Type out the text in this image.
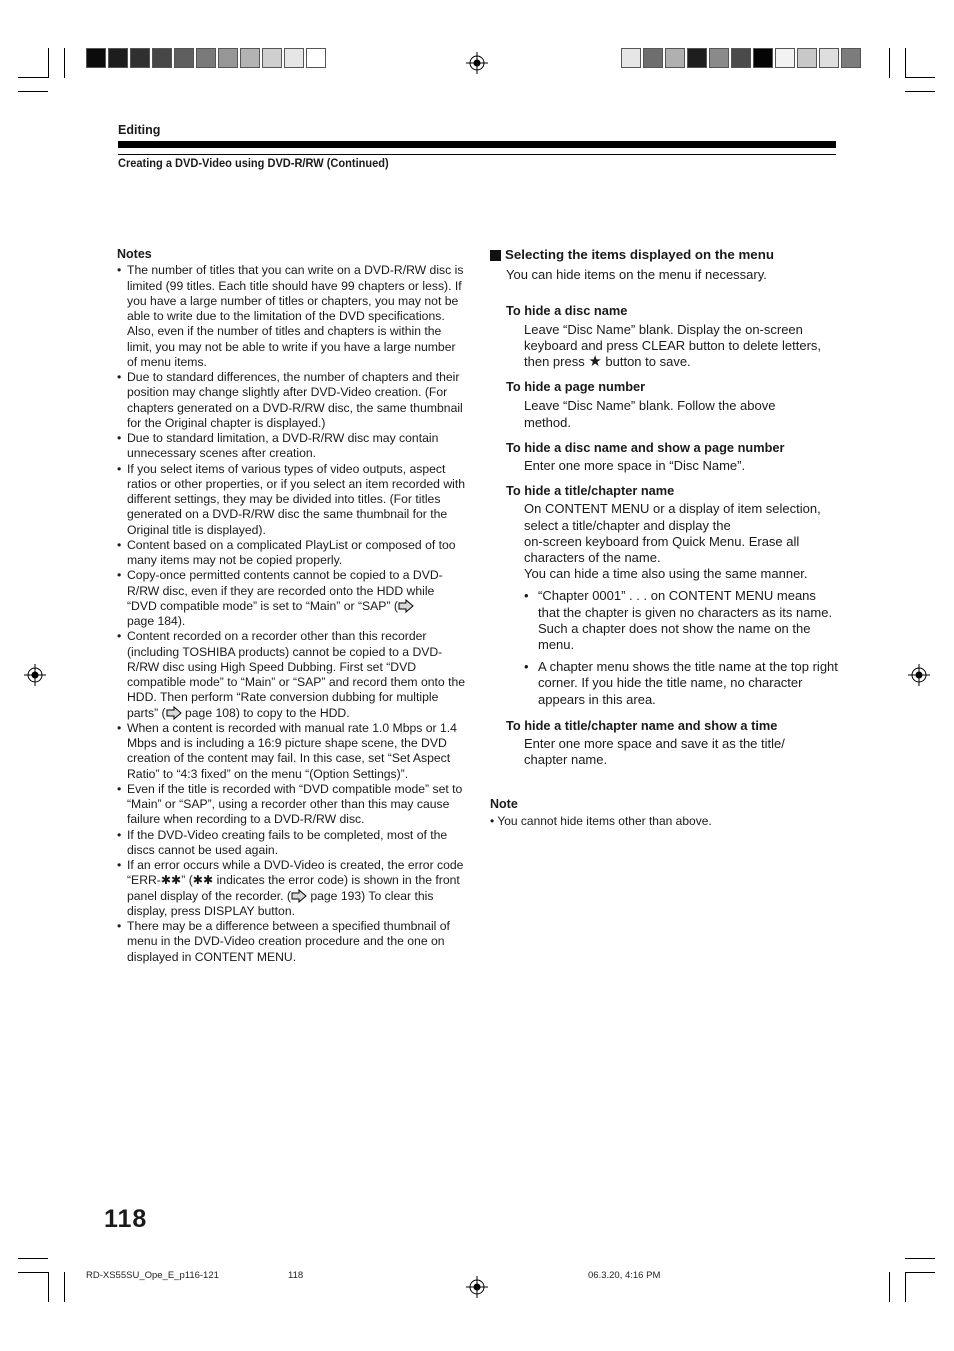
Editing
Creating a DVD-Video using DVD-R/RW (Continued)
Notes
• The number of titles that you can write on a DVD-R/RW disc is limited (99 titles. Each title should have 99 chapters or less). If you have a large number of titles or chapters, you may not be able to write due to the limitation of the DVD specifications. Also, even if the number of titles and chapters is within the limit, you may not be able to write if you have a large number of menu items.
• Due to standard differences, the number of chapters and their position may change slightly after DVD-Video creation. (For chapters generated on a DVD-R/RW disc, the same thumbnail for the Original chapter is displayed.)
• Due to standard limitation, a DVD-R/RW disc may contain unnecessary scenes after creation.
• If you select items of various types of video outputs, aspect ratios or other properties, or if you select an item recorded with different settings, they may be divided into titles. (For titles generated on a DVD-R/RW disc the same thumbnail for the Original title is displayed).
• Content based on a complicated PlayList or composed of too many items may not be copied properly.
• Copy-once permitted contents cannot be copied to a DVD-R/RW disc, even if they are recorded onto the HDD while “DVD compatible mode” is set to “Main” or “SAP” (
page 184).
• Content recorded on a recorder other than this recorder (including TOSHIBA products) cannot be copied to a DVD-R/RW disc using High Speed Dubbing. First set “DVD compatible mode” to “Main” or “SAP” and record them onto the HDD. Then perform “Rate conversion dubbing for multiple parts” ( page 108) to copy to the HDD.
• When a content is recorded with manual rate 1.0 Mbps or 1.4 Mbps and is including a 16:9 picture shape scene, the DVD creation of the content may fail. In this case, set “Set Aspect Ratio” to “4:3 fixed” on the menu “(Option Settings)”.
• Even if the title is recorded with “DVD compatible mode” set to “Main” or “SAP”, using a recorder other than this may cause failure when recording to a DVD-R/RW disc.
• If the DVD-Video creating fails to be completed, most of the discs cannot be used again.
• If an error occurs while a DVD-Video is created, the error code “ERR-✱✱” (✱✱ indicates the error code) is shown in the front panel display of the recorder. ( page 193) To clear this display, press DISPLAY button.
• There may be a difference between a specified thumbnail of menu in the DVD-Video creation procedure and the one on displayed in CONTENT MENU.
Selecting the items displayed on the menu
You can hide items on the menu if necessary.
To hide a disc name
Leave “Disc Name” blank. Display the on-screen keyboard and press CLEAR button to delete letters, then press ★ button to save.
To hide a page number
Leave “Disc Name” blank. Follow the above method.
To hide a disc name and show a page number
Enter one more space in “Disc Name”.
To hide a title/chapter name
On CONTENT MENU or a display of item selection, select a title/chapter and display the
on-screen keyboard from Quick Menu. Erase all characters of the name.
You can hide a time also using the same manner.
• “Chapter 0001” . . . on CONTENT MENU means that the chapter is given no characters as its name. Such a chapter does not show the name on the menu.
• A chapter menu shows the title name at the top right corner. If you hide the title name, no character appears in this area.
To hide a title/chapter name and show a time
Enter one more space and save it as the title/ chapter name.
Note
• You cannot hide items other than above.
118
RD-XS55SU_Ope_E_p116-121	118	06.3.20, 4:16 PM
